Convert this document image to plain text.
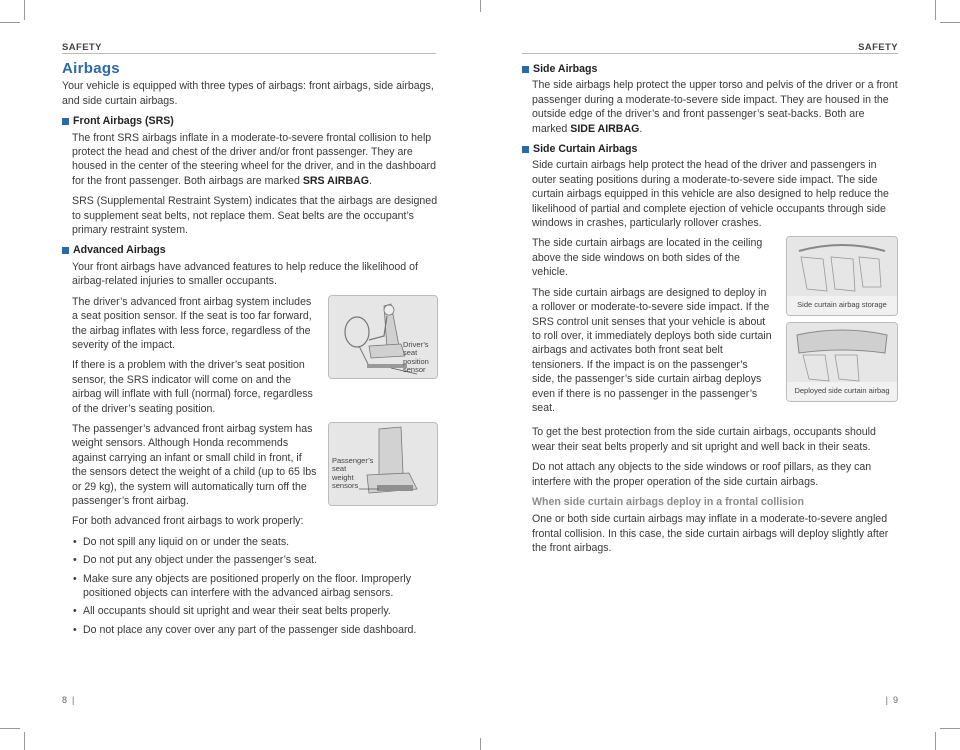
SAFETY	SAFETY
Airbags

Your vehicle is equipped with three types of airbags: front airbags, side airbags, and side curtain airbags.

Front Airbags (SRS)

The front SRS airbags inflate in a moderate-to-severe frontal collision to help protect the head and chest of the driver and/or front passenger. They are housed in the center of the steering wheel for the driver, and in the dashboard for the front passenger. Both airbags are marked SRS AIRBAG.

SRS (Supplemental Restraint System) indicates that the airbags are designed to supplement seat belts, not replace them. Seat belts are the occupant’s primary restraint system.

Advanced Airbags

Your front airbags have advanced features to help reduce the likelihood of airbag-related injuries to smaller occupants.

The driver’s advanced front airbag system includes a seat position sensor. If the seat is too far forward, the airbag inflates with less force, regardless of the severity of the impact.

If there is a problem with the driver’s seat position sensor, the SRS indicator will come on and the airbag will inflate with full (normal) force, regardless of the driver’s seating position.

Driver’s seat position sensor

The passenger’s advanced front airbag system has weight sensors. Although Honda recommends against carrying an infant or small child in front, if the sensors detect the weight of a child (up to 65 lbs or 29 kg), the system will automatically turn off the passenger’s front airbag.

Passenger’s seat weight sensors

For both advanced front airbags to work properly:

• Do not spill any liquid on or under the seats.
• Do not put any object under the passenger’s seat.
• Make sure any objects are positioned properly on the floor. Improperly positioned objects can interfere with the advanced airbag sensors.
• All occupants should sit upright and wear their seat belts properly.
• Do not place any cover over any part of the passenger side dashboard.
Side Airbags

The side airbags help protect the upper torso and pelvis of the driver or a front passenger during a moderate-to-severe side impact. They are housed in the outside edge of the driver’s and front passenger’s seat-backs. Both are marked SIDE AIRBAG.

Side Curtain Airbags

Side curtain airbags help protect the head of the driver and passengers in outer seating positions during a moderate-to-severe side impact. The side curtain airbags equipped in this vehicle are also designed to help reduce the likelihood of partial and complete ejection of vehicle occupants through side windows in crashes, particularly rollover crashes.

The side curtain airbags are located in the ceiling above the side windows on both sides of the vehicle.

The side curtain airbags are designed to deploy in a rollover or moderate-to-severe side impact. If the SRS control unit senses that your vehicle is about to roll over, it immediately deploys both side curtain airbags and activates both front seat belt tensioners. If the impact is on the passenger’s side, the passenger’s side curtain airbag deploys even if there is no passenger in the passenger’s seat.

Side curtain airbag storage
Deployed side curtain airbag

To get the best protection from the side curtain airbags, occupants should wear their seat belts properly and sit upright and well back in their seats.

Do not attach any objects to the side windows or roof pillars, as they can interfere with the proper operation of the side curtain airbags.

When side curtain airbags deploy in a frontal collision

One or both side curtain airbags may inflate in a moderate-to-severe angled frontal collision. In this case, the side curtain airbags will deploy slightly after the front airbags.

8  |	|  9
